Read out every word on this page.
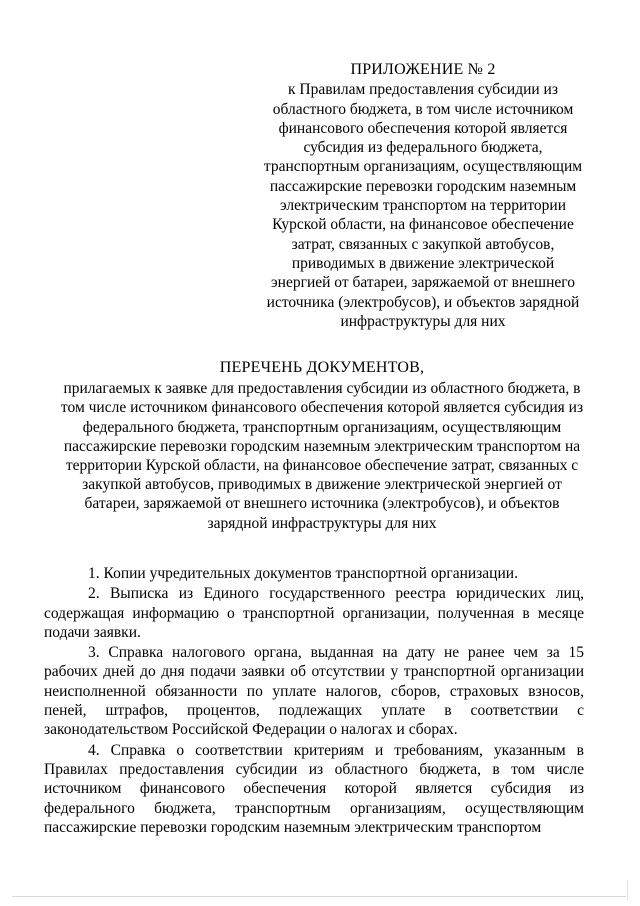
ПРИЛОЖЕНИЕ № 2
к Правилам предоставления субсидии из областного бюджета, в том числе источником финансового обеспечения которой является субсидия из федерального бюджета, транспортным организациям, осуществляющим пассажирские перевозки городским наземным электрическим транспортом на территории Курской области, на финансовое обеспечение затрат, связанных с закупкой автобусов, приводимых в движение электрической энергией от батареи, заряжаемой от внешнего источника (электробусов), и объектов зарядной инфраструктуры для них
ПЕРЕЧЕНЬ ДОКУМЕНТОВ,
прилагаемых к заявке для предоставления субсидии из областного бюджета, в том числе источником финансового обеспечения которой является субсидия из федерального бюджета, транспортным организациям, осуществляющим пассажирские перевозки городским наземным электрическим транспортом на территории Курской области, на финансовое обеспечение затрат, связанных с закупкой автобусов, приводимых в движение электрической энергией от батареи, заряжаемой от внешнего источника (электробусов), и объектов зарядной инфраструктуры для них

1. Копии учредительных документов транспортной организации.

2. Выписка из Единого государственного реестра юридических лиц, содержащая информацию о транспортной организации, полученная в месяце подачи заявки.

3. Справка налогового органа, выданная на дату не ранее чем за 15 рабочих дней до дня подачи заявки об отсутствии у транспортной организации неисполненной обязанности по уплате налогов, сборов, страховых взносов, пеней, штрафов, процентов, подлежащих уплате в соответствии с законодательством Российской Федерации о налогах и сборах.

4. Справка о соответствии критериям и требованиям, указанным в Правилах предоставления субсидии из областного бюджета, в том числе источником финансового обеспечения которой является субсидия из федерального бюджета, транспортным организациям, осуществляющим пассажирские перевозки городским наземным электрическим транспортом
